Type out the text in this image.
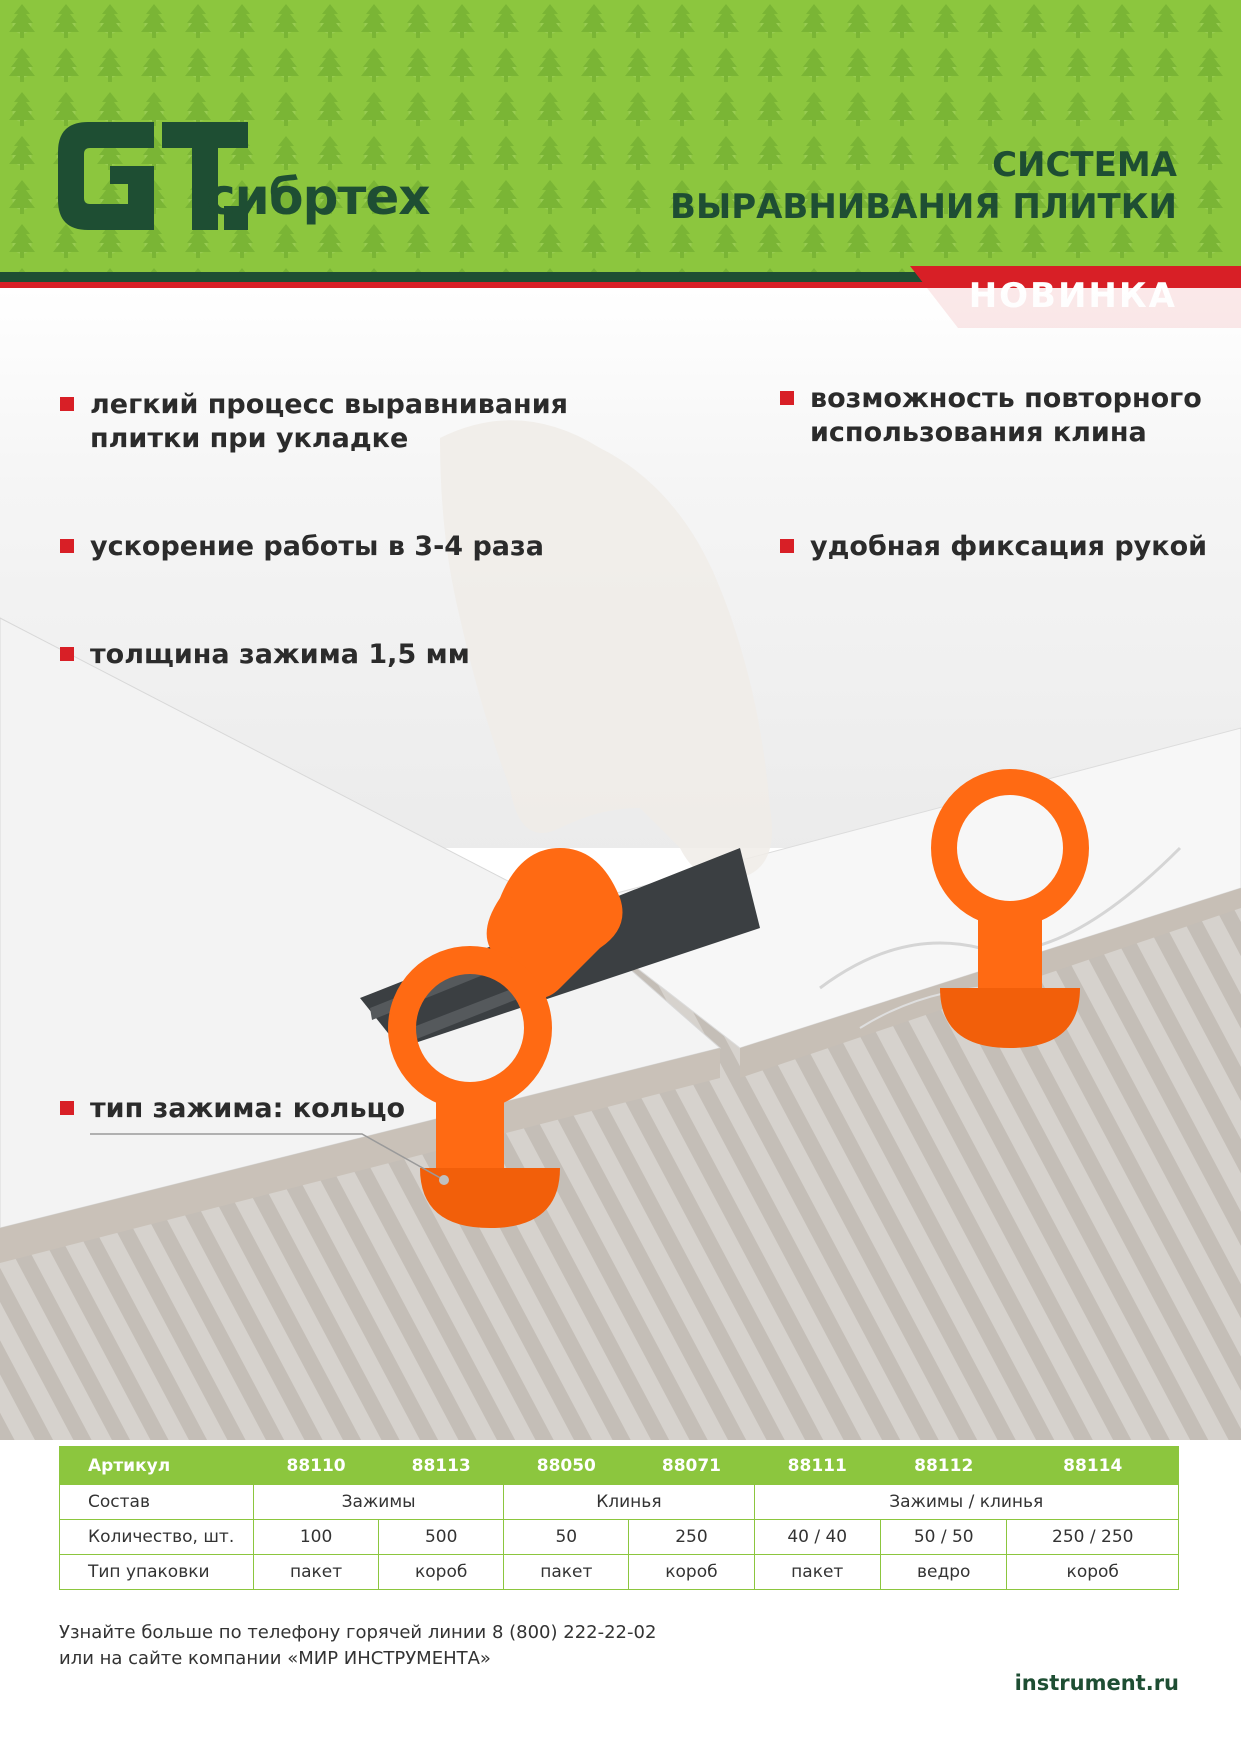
сибртех
СИСТЕМА
ВЫРАВНИВАНИЯ ПЛИТКИ
легкий процесс выравнивания плитки при укладке
ускорение работы в 3-4 раза
толщина зажима 1,5 мм
возможность повторного использования клина
удобная фиксация рукой
тип зажима: кольцо
Артикул	88110	88113	88050	88071	88111	88112	88114
Состав	Зажимы		Клинья		Зажимы / клинья		
Количество, шт.	100	500	50	250	40 / 40	50 / 50	250 / 250
Тип упаковки	пакет	короб	пакет	короб	пакет	ведро	короб
Узнайте больше по телефону горячей линии 8 (800) 222-22-02
или на сайте компании «МИР ИНСТРУМЕНТА»
instrument.ru
